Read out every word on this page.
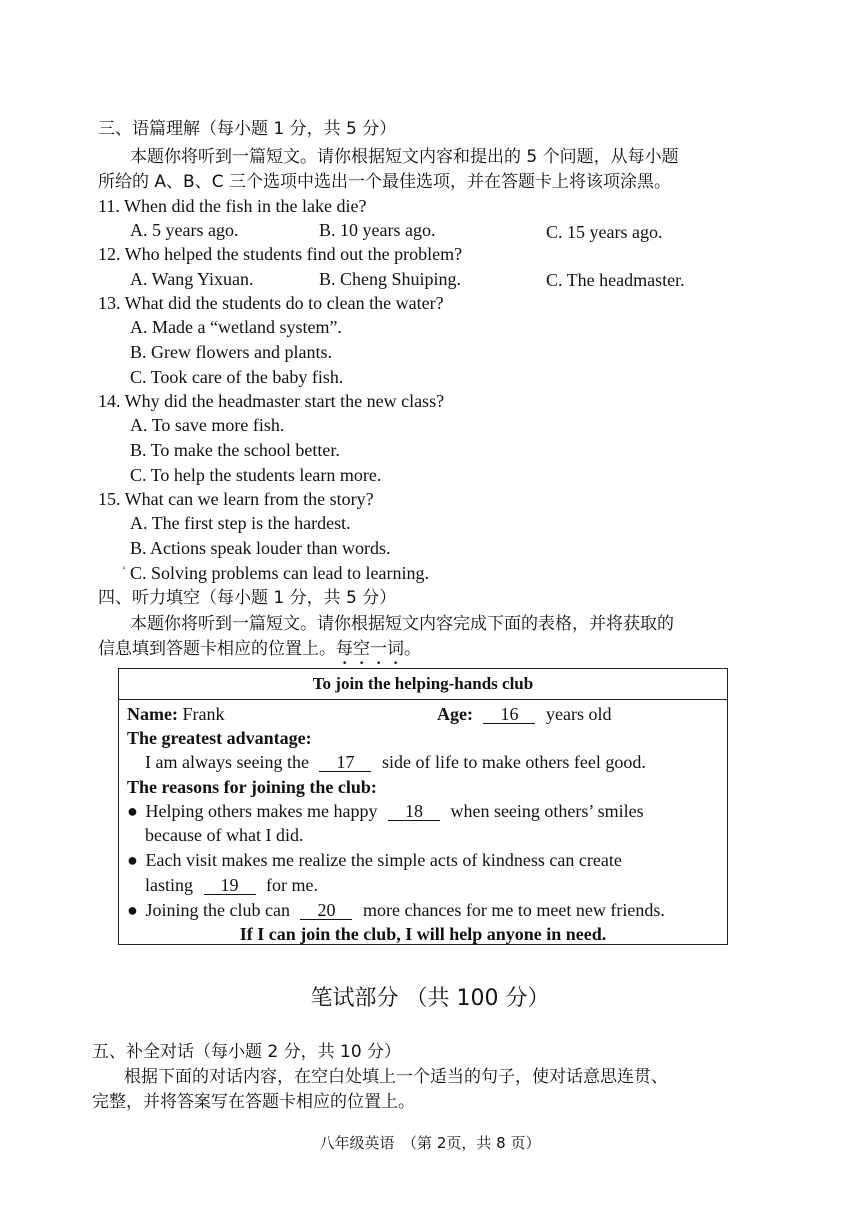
三、语篇理解（每小题 1 分，共 5 分）
本题你将听到一篇短文。请你根据短文内容和提出的 5 个问题，从每小题
所给的 A、B、C 三个选项中选出一个最佳选项，并在答题卡上将该项涂黑。
11. When did the fish in the lake die?
A. 5 years ago.	B. 10 years ago.	C. 15 years ago.
12. Who helped the students find out the problem?
A. Wang Yixuan.	B. Cheng Shuiping.	C. The headmaster.
13. What did the students do to clean the water?
A. Made a “wetland system”.
B. Grew flowers and plants.
C. Took care of the baby fish.
14. Why did the headmaster start the new class?
A. To save more fish.
B. To make the school better.
C. To help the students learn more.
15. What can we learn from the story?
A. The first step is the hardest.
B. Actions speak louder than words.
C. Solving problems can lead to learning.
‘
四、听力填空（每小题 1 分，共 5 分）
本题你将听到一篇短文。请你根据短文内容完成下面的表格，并将获取的
信息填到答题卡相应的位置上。每空一词。
To join the helping-hands club
Name: Frank	Age: 16 years old
The greatest advantage:
I am always seeing the 17 side of life to make others feel good.
The reasons for joining the club:
● Helping others makes me happy 18 when seeing others’ smiles
because of what I did.
● Each visit makes me realize the simple acts of kindness can create
lasting 19 for me.
● Joining the club can 20 more chances for me to meet new friends.
If I can join the club, I will help anyone in need.
笔试部分 （共 100 分）
五、补全对话（每小题 2 分，共 10 分）
根据下面的对话内容，在空白处填上一个适当的句子，使对话意思连贯、
完整，并将答案写在答题卡相应的位置上。
八年级英语　（第 2页，共 8 页）
